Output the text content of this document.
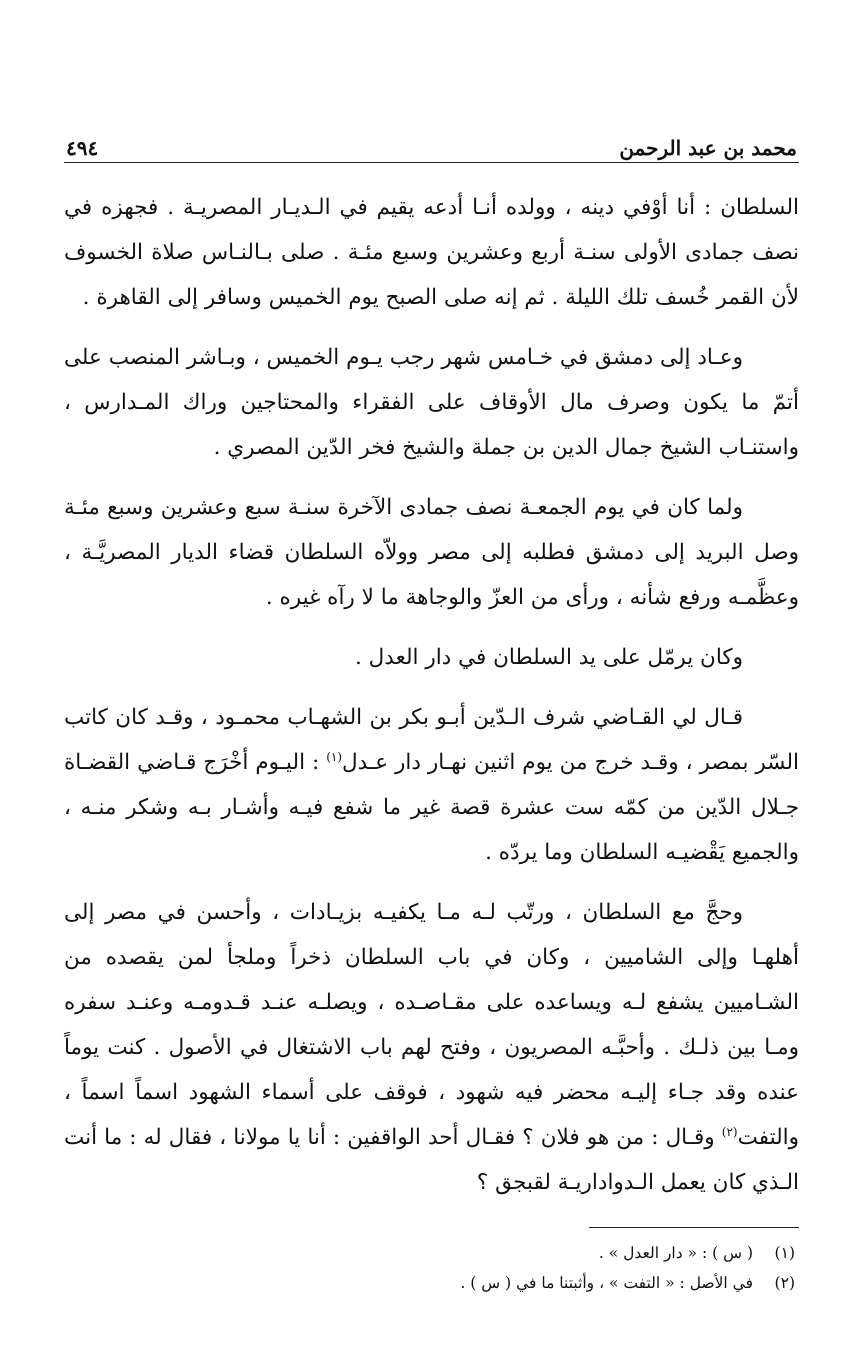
محمد بن عبد الرحمن
٤٩٤

السلطان : أنا أوْفي دينه ، وولده أنـا أدعه يقيم في الـديـار المصريـة . فجهزه في نصف جمادى الأولى سنـة أربع وعشرين وسبع مئـة . صلى بـالنـاس صلاة الخسوف لأن القمر خُسف تلك الليلة . ثم إنه صلى الصبح يوم الخميس وسافر إلى القاهرة .

وعـاد إلى دمشق في خـامس شهر رجب يـوم الخميس ، وبـاشر المنصب على أتمّ ما يكون وصرف مال الأوقاف على الفقراء والمحتاجين وراك المـدارس ، واستنـاب الشيخ جمال الدين بن جملة والشيخ فخر الدّين المصري .

ولما كان في يوم الجمعـة نصف جمادى الآخرة سنـة سبع وعشرين وسبع مئـة وصل البريد إلى دمشق فطلبه إلى مصر وولاّه السلطان قضاء الديار المصريَّـة ، وعظَّمـه ورفع شأنه ، ورأى من العزّ والوجاهة ما لا رآه غيره .

وكان يرمّل على يد السلطان في دار العدل .

قـال لي القـاضي شرف الـدّين أبـو بكر بن الشهـاب محمـود ، وقـد كان كاتب السّر بمصر ، وقـد خرج من يوم اثنين نهـار دار عـدل$^{(١)}$ : اليـوم أخْرَج قـاضي القضـاة جـلال الدّين من كمّه ست عشرة قصة غير ما شفع فيـه وأشـار بـه وشكر منـه ، والجميع يَقْضيـه السلطان وما يردّه .

وحجَّ مع السلطان ، ورتّب لـه مـا يكفيـه بزيـادات ، وأحسن في مصر إلى أهلهـا وإلى الشاميين ، وكان في باب السلطان ذخراً وملجأ لمن يقصده من الشـاميين يشفع لـه ويساعده على مقـاصـده ، ويصلـه عنـد قـدومـه وعنـد سفره ومـا بين ذلـك . وأحبَّـه المصريون ، وفتح لهم باب الاشتغال في الأصول . كنت يوماً عنده وقد جـاء إليـه محضر فيه شهود ، فوقف على أسماء الشهود اسماً اسماً ، والتفت$^{(٢)}$ وقـال : من هو فلان ؟ فقـال أحد الواقفين : أنا يا مولانا ، فقال له : ما أنت الـذي كان يعمل الـدواداريـة لقبجق ؟

(١)
( س ) : « دار العدل » .
(٢)
في الأصل : « التفت » ، وأثبتنا ما في ( س ) .
